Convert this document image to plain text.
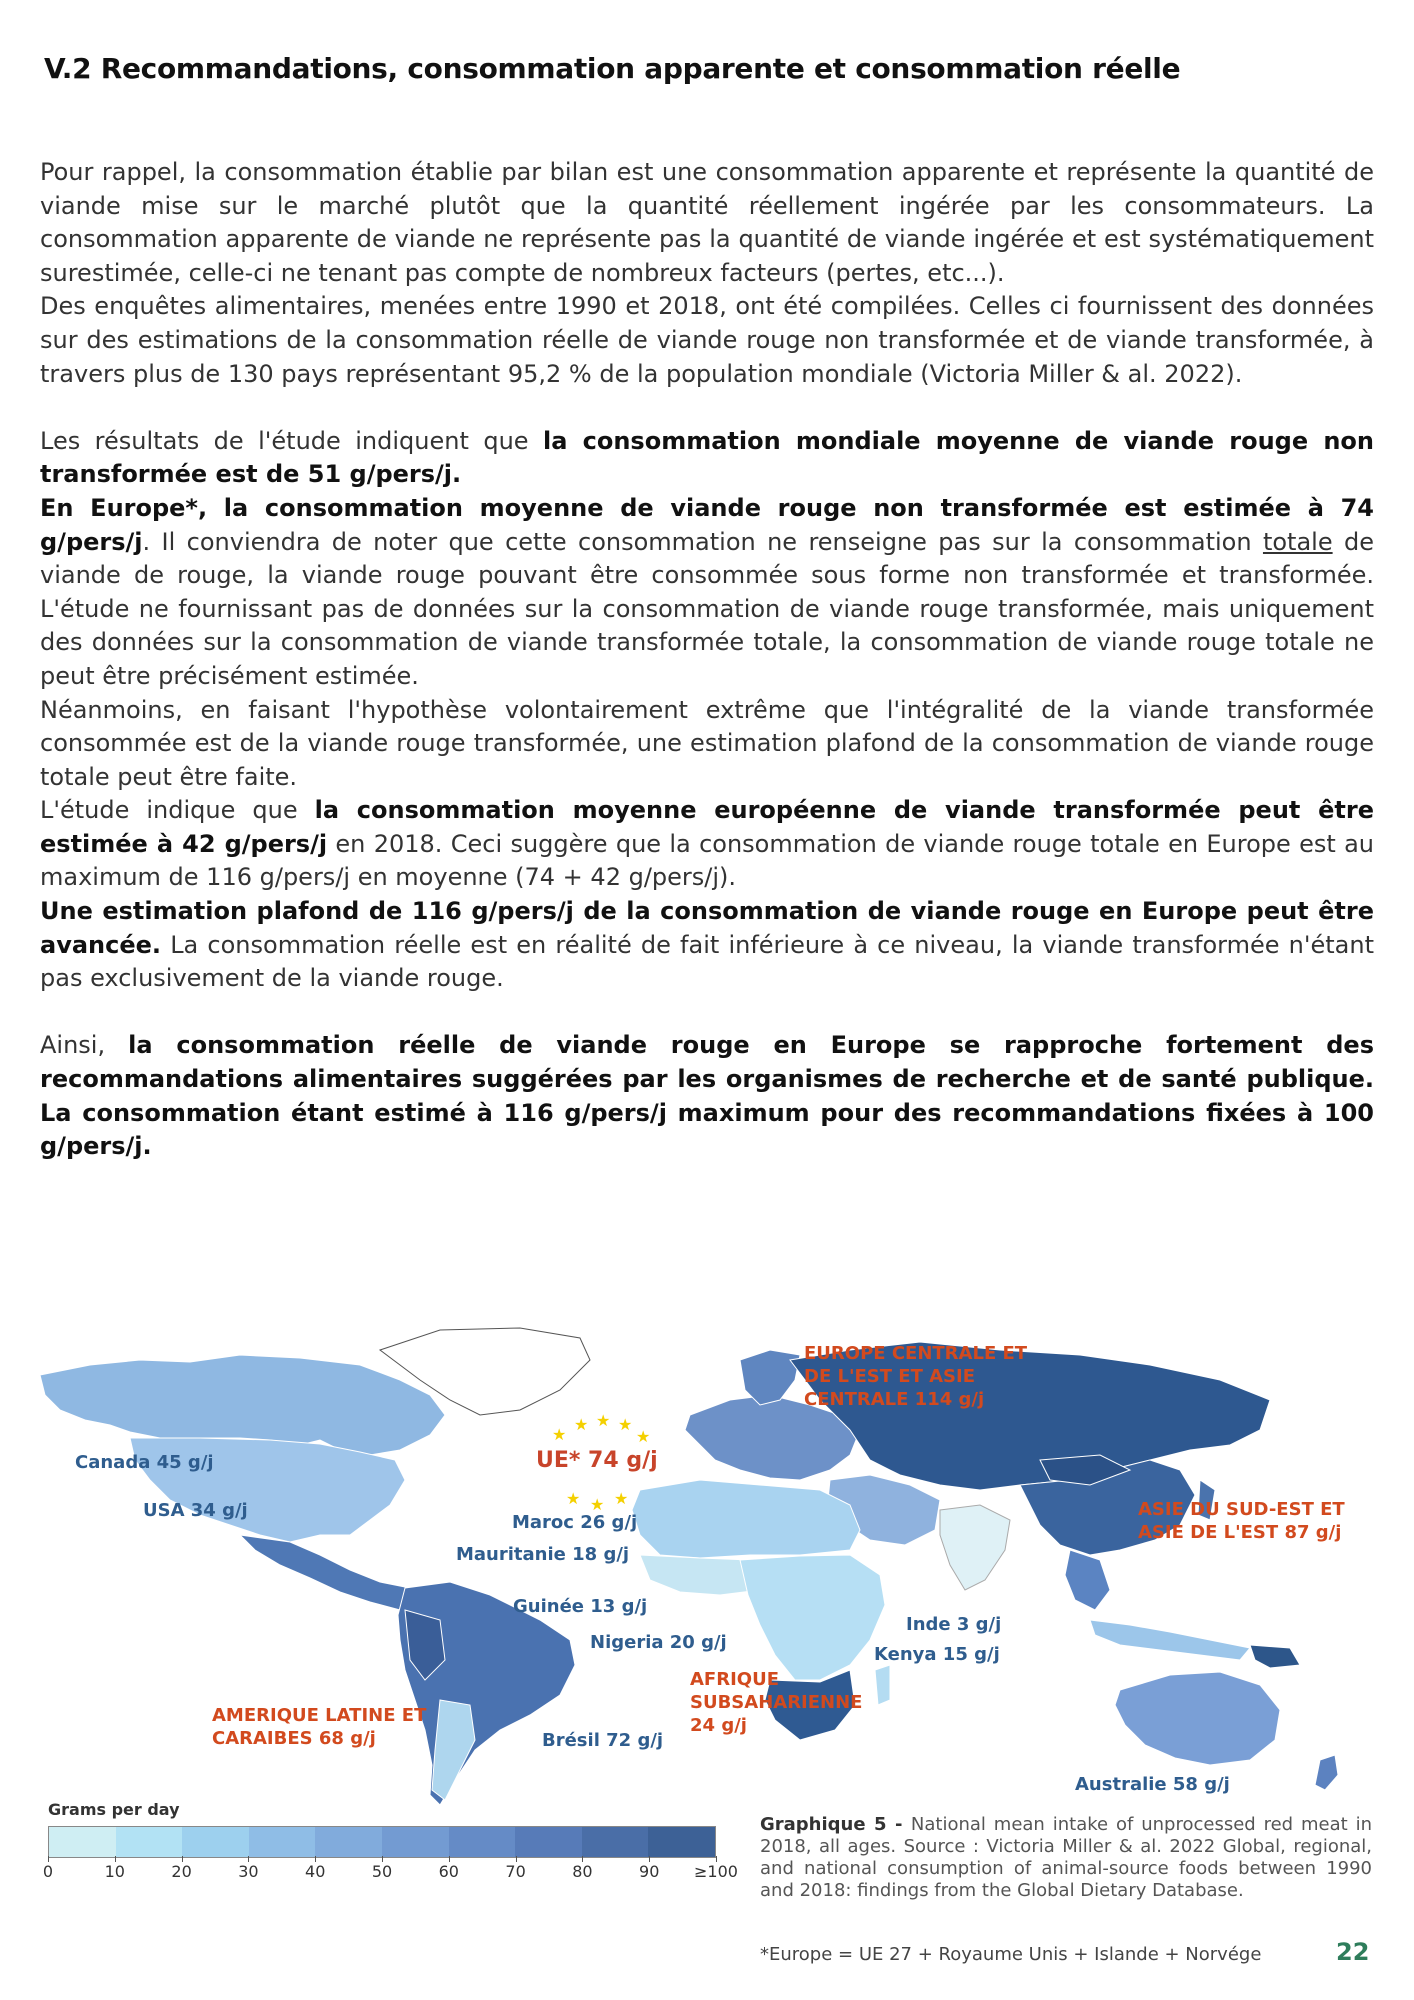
V.2 Recommandations, consommation apparente et consommation réelle

Pour rappel, la consommation établie par bilan est une consommation apparente et représente la quantité de viande mise sur le marché plutôt que la quantité réellement ingérée par les consommateurs. La consommation apparente de viande ne représente pas la quantité de viande ingérée et est systématiquement surestimée, celle-ci ne tenant pas compte de nombreux facteurs (pertes, etc...).

Des enquêtes alimentaires, menées entre 1990 et 2018, ont été compilées. Celles ci fournissent des données sur des estimations de la consommation réelle de viande rouge non transformée et de viande transformée, à travers plus de 130 pays représentant 95,2 % de la population mondiale (Victoria Miller & al. 2022).

Les résultats de l'étude indiquent que la consommation mondiale moyenne de viande rouge non transformée est de 51 g/pers/j.

En Europe*, la consommation moyenne de viande rouge non transformée est estimée à 74 g/pers/j. Il conviendra de noter que cette consommation ne renseigne pas sur la consommation totale de viande de rouge, la viande rouge pouvant être consommée sous forme non transformée et transformée. L'étude ne fournissant pas de données sur la consommation de viande rouge transformée, mais uniquement des données sur la consommation de viande transformée totale, la consommation de viande rouge totale ne peut être précisément estimée.

Néanmoins, en faisant l'hypothèse volontairement extrême que l'intégralité de la viande transformée consommée est de la viande rouge transformée, une estimation plafond de la consommation de viande rouge totale peut être faite.

L'étude indique que la consommation moyenne européenne de viande transformée peut être estimée à 42 g/pers/j en 2018. Ceci suggère que la consommation de viande rouge totale en Europe est au maximum de 116 g/pers/j en moyenne (74 + 42 g/pers/j).

Une estimation plafond de 116 g/pers/j de la consommation de viande rouge en Europe peut être avancée. La consommation réelle est en réalité de fait inférieure à ce niveau, la viande transformée n'étant pas exclusivement de la viande rouge.

Ainsi, la consommation réelle de viande rouge en Europe se rapproche fortement des recommandations alimentaires suggérées par les organismes de recherche et de santé publique. La consommation étant estimé à 116 g/pers/j maximum pour des recommandations fixées à 100 g/pers/j.

★
★ ★ ★
★
★ ★ ★
EUROPE CENTRALE ET
DE L'EST ET ASIE
CENTRALE 114 g/j
Canada 45 g/j	UE* 74 g/j
USA 34 g/j
Maroc 26 g/j
ASIE DU SUD-EST ET
ASIE DE L'EST 87 g/j
Mauritanie 18 g/j
Guinée 13 g/j
Inde 3 g/j
Nigeria 20 g/j
Kenya 15 g/j
AFRIQUE
SUBSAHARIENNE
24 g/j
AMERIQUE LATINE ET
CARAIBES 68 g/j	Brésil 72 g/j
Australie 58 g/j
Grams per day
0	10	20	30	40	50	60	70	80	90 ≥100
Graphique 5 - National mean intake of unprocessed red meat in 2018, all ages. Source : Victoria Miller & al. 2022 Global, regional, and national consumption of animal-source foods between 1990 and 2018: findings from the Global Dietary Database.
*Europe = UE 27 + Royaume Unis + Islande + Norvége	22
